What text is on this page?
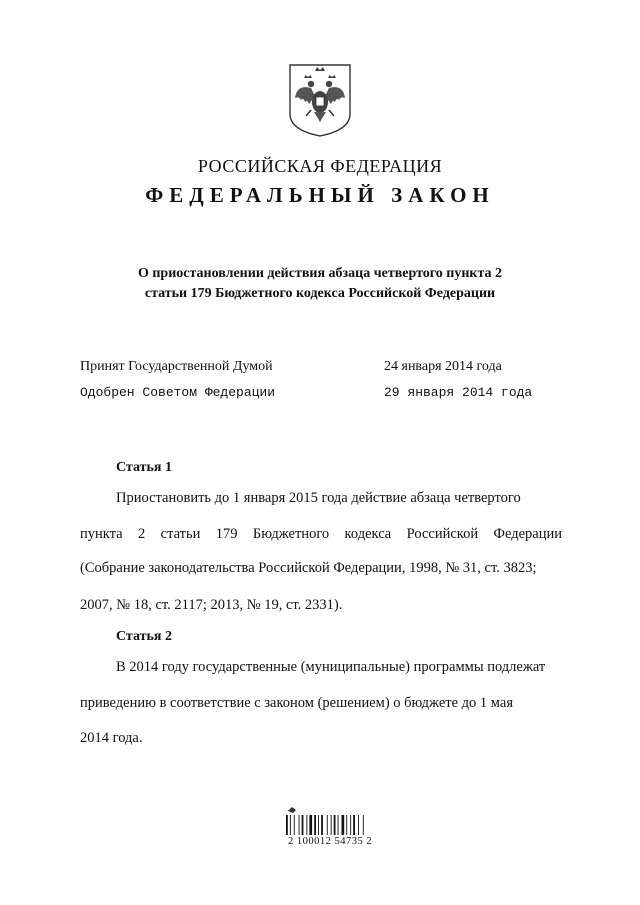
РОССИЙСКАЯ ФЕДЕРАЦИЯ
ФЕДЕРАЛЬНЫЙ ЗАКОН
О приостановлении действия абзаца четвертого пункта 2
статьи 179 Бюджетного кодекса Российской Федерации
Принят Государственной Думой	24 января 2014 года
Одобрен Советом Федерации	29 января 2014 года
Статья 1
Приостановить до 1 января 2015 года действие абзаца четвертого
пункта 2 статьи 179 Бюджетного кодекса Российской Федерации
(Собрание законодательства Российской Федерации, 1998, № 31, ст. 3823;
2007, № 18, ст. 2117; 2013, № 19, ст. 2331).
Статья 2
В 2014 году государственные (муниципальные) программы подлежат
приведению в соответствие с законом (решением) о бюджете до 1 мая
2014 года.
2 100012 54735 2
